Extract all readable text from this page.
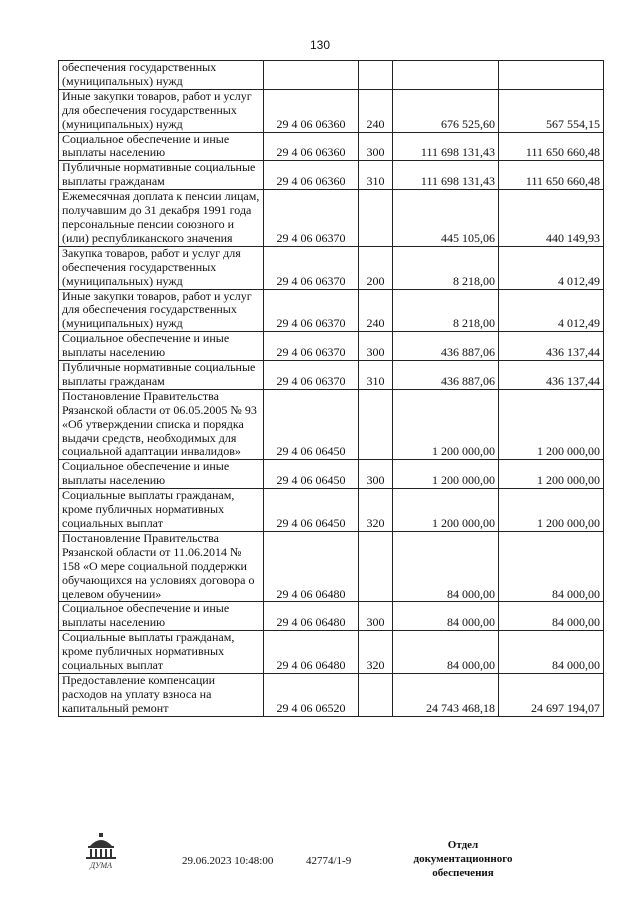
130
обеспечения государственных (муниципальных) нужд				
Иные закупки товаров, работ и услуг для обеспечения государственных (муниципальных) нужд	29 4 06 06360	240	676 525,60	567 554,15
Социальное обеспечение и иные выплаты населению	29 4 06 06360	300	111 698 131,43	111 650 660,48
Публичные нормативные социальные выплаты гражданам	29 4 06 06360	310	111 698 131,43	111 650 660,48
Ежемесячная доплата к пенсии лицам, получавшим до 31 декабря 1991 года персональные пенсии союзного и (или) республиканского значения	29 4 06 06370		445 105,06	440 149,93
Закупка товаров, работ и услуг для обеспечения государственных (муниципальных) нужд	29 4 06 06370	200	8 218,00	4 012,49
Иные закупки товаров, работ и услуг для обеспечения государственных (муниципальных) нужд	29 4 06 06370	240	8 218,00	4 012,49
Социальное обеспечение и иные выплаты населению	29 4 06 06370	300	436 887,06	436 137,44
Публичные нормативные социальные выплаты гражданам	29 4 06 06370	310	436 887,06	436 137,44
Постановление Правительства Рязанской области от 06.05.2005 № 93 «Об утверждении списка и порядка выдачи средств, необходимых для социальной адаптации инвалидов»	29 4 06 06450		1 200 000,00	1 200 000,00
Социальное обеспечение и иные выплаты населению	29 4 06 06450	300	1 200 000,00	1 200 000,00
Социальные выплаты гражданам, кроме публичных нормативных социальных выплат	29 4 06 06450	320	1 200 000,00	1 200 000,00
Постановление Правительства Рязанской области от 11.06.2014 № 158 «О мере социальной поддержки обучающихся на условиях договора о целевом обучении»	29 4 06 06480		84 000,00	84 000,00
Социальное обеспечение и иные выплаты населению	29 4 06 06480	300	84 000,00	84 000,00
Социальные выплаты гражданам, кроме публичных нормативных социальных выплат	29 4 06 06480	320	84 000,00	84 000,00
Предоставление компенсации расходов на уплату взноса на капитальный ремонт	29 4 06 06520		24 743 468,18	24 697 194,07
ДУМА	29.06.2023 10:48:00	42774/1-9
Отдел документационного обеспечения
